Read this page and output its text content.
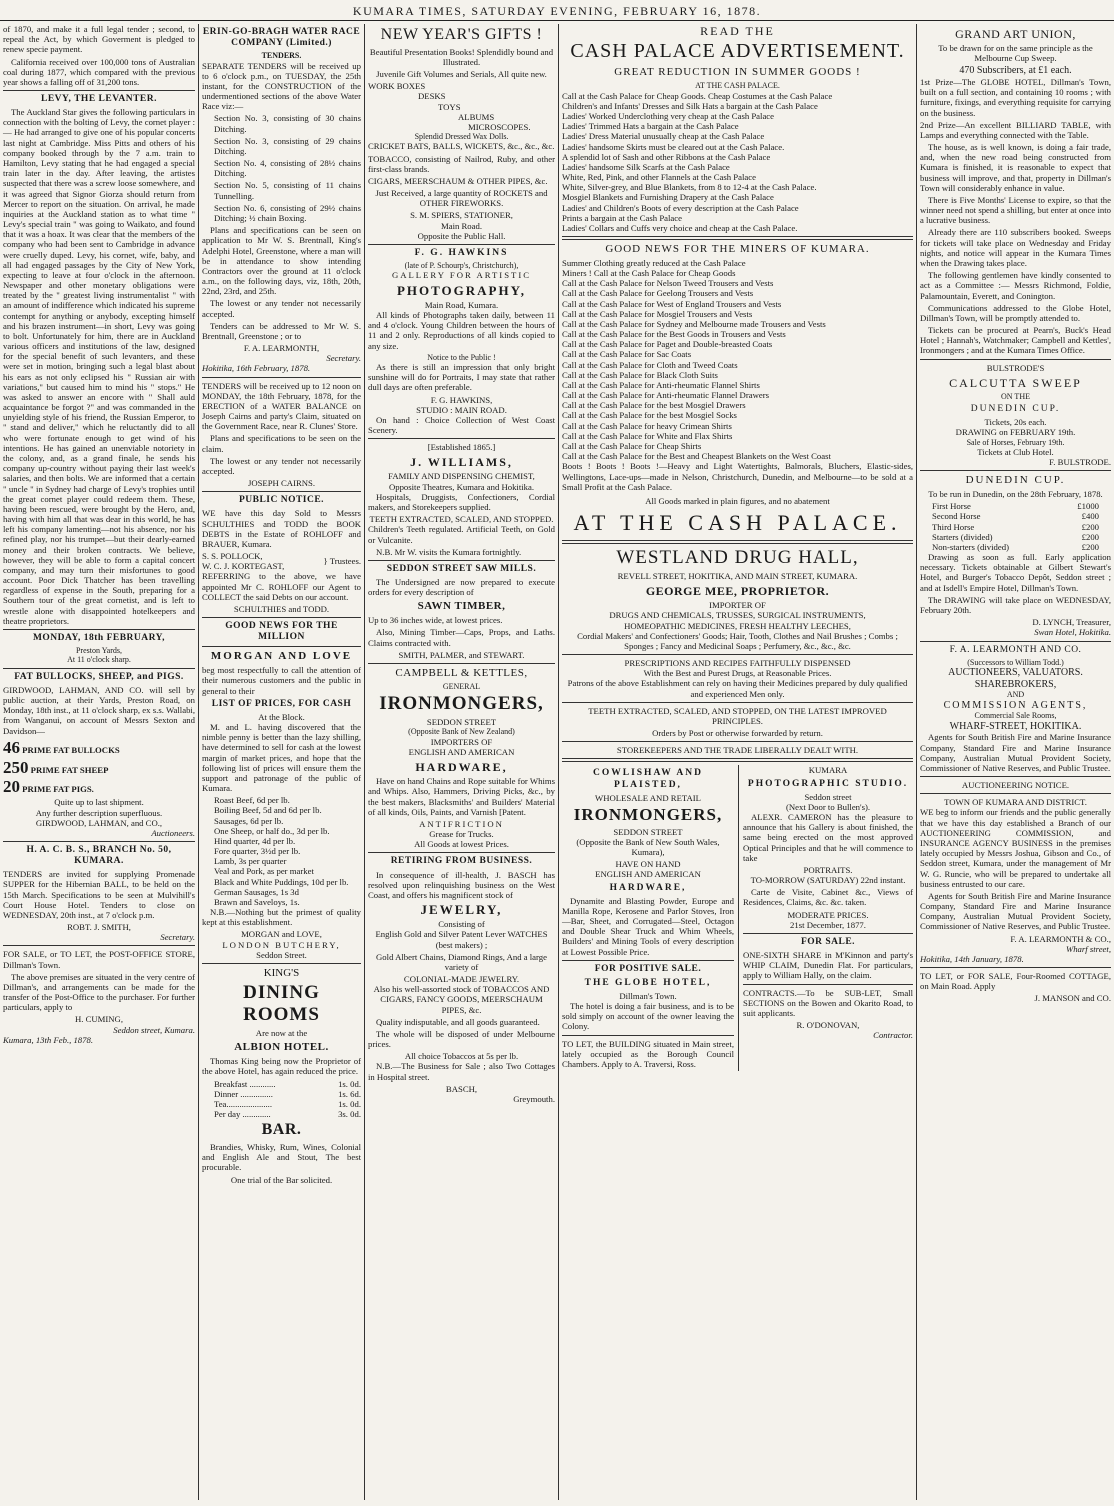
KUMARA TIMES, SATURDAY EVENING, FEBRUARY 16, 1878.

of 1870, and make it a full legal tender ; second, to repeal the Act, by which Goverment is pledged to renew specie payment.

California received over 100,000 tons of Australian coal during 1877, which compared with the previous year shows a falling off of 31,200 tons.

LEVY, THE LEVANTER.

The Auckland Star gives the following particulars in connection with the bolting of Levy, the cornet player :— He had arranged to give one of his popular concerts last night at Cambridge. Miss Pitts and others of his company booked through by the 7 a.m. train to Hamilton, Levy stating that he had engaged a special train later in the day. After leaving, the artistes suspected that there was a screw loose somewhere, and it was agreed that Signor Giorza should return from Mercer to report on the situation. On arrival, he made inquiries at the Auckland station as to what time " Levy's special train " was going to Waikato, and found that it was a hoax. It was clear that the members of the company who had been sent to Cambridge in advance were cruelly duped. Levy, his cornet, wife, baby, and all had engaged passages by the City of New York, expecting to leave at four o'clock in the afternoon. Newspaper and other monetary obligations were treated by the " greatest living instrumentalist " with an amount of indifference which indicated his supreme contempt for anything or anybody, excepting himself and his brazen instrument—in short, Levy was going to bolt. Unfortunately for him, there are in Auckland various officers and institutions of the law, designed for the special benefit of such levanters, and these were set in motion, bringing such a legal blast about his ears as not only eclipsed his " Russian air with variations," but caused him to mind his " stops." He was asked to answer an encore with " Shall auld acquaintance be forgot ?" and was commanded in the unyielding style of his friend, the Russian Emperor, to " stand and deliver," which he reluctantly did to all who were fortunate enough to get wind of his intentions. He has gained an unenviable notoriety in the colony, and, as a grand finale, he sends his company up-country without paying their last week's salaries, and then bolts. We are informed that a certain " uncle " in Sydney had charge of Levy's trophies until the great cornet player could redeem them. These, having been rescued, were brought by the Hero, and, having with him all that was dear in this world, he has left his company lamenting—not his absence, nor his refined play, nor his trumpet—but their dearly-earned money and their broken contracts. We believe, however, they will be able to form a capital concert company, and may turn their misfortunes to good account. Poor Dick Thatcher has been travelling regardless of expense in the South, preparing for a Southern tour of the great cornetist, and is left to wrestle alone with disappointed hotelkeepers and theatre proprietors.

MONDAY, 18th FEBRUARY,
Preston Yards,
At 11 o'clock sharp.
FAT BULLOCKS, SHEEP, and PIGS.

GIRDWOOD, LAHMAN, AND CO. will sell by public auction, at their Yards, Preston Road, on Monday, 18th inst., at 11 o'clock sharp, ex s.s. Wallabi, from Wanganui, on account of Messrs Sexton and Davidson—

46 PRIME FAT BULLOCKS
250 PRIME FAT SHEEP
20 PRIME FAT PIGS.
Quite up to last shipment.
Any further description superfluous.
GIRDWOOD, LAHMAN, and CO.,
Auctioneers.
H. A. C. B. S., BRANCH No. 50, KUMARA.

TENDERS are invited for supplying Promenade SUPPER for the Hibernian BALL, to be held on the 15th March. Specifications to be seen at Mulvihill's Court House Hotel. Tenders to close on WEDNESDAY, 20th inst., at 7 o'clock p.m.

ROBT. J. SMITH,
Secretary.

FOR SALE, or TO LET, the POST-OFFICE STORE, Dillman's Town.

The above premises are situated in the very centre of Dillman's, and arrangements can be made for the transfer of the Post-Office to the purchaser. For further particulars, apply to

H. CUMING,
Seddon street, Kumara.
Kumara, 13th Feb., 1878.
ERIN-GO-BRAGH WATER RACE COMPANY (Limited.)
TENDERS.

SEPARATE TENDERS will be received up to 6 o'clock p.m., on TUESDAY, the 25th instant, for the CONSTRUCTION of the undermentioned sections of the above Water Race viz:—

Section No. 3, consisting of 30 chains Ditching.

Section No. 3, consisting of 29 chains Ditching.

Section No. 4, consisting of 28½ chains Ditching.

Section No. 5, consisting of 11 chains Tunnelling.

Section No. 6, consisting of 29½ chains Ditching; ½ chain Boxing.

Plans and specifications can be seen on application to Mr W. S. Brentnall, King's Adelphi Hotel, Greenstone, where a man will be in attendance to show intending Contractors over the ground at 11 o'clock a.m., on the following days, viz, 18th, 20th, 22nd, 23rd, and 25th.

The lowest or any tender not necessarily accepted.

Tenders can be addressed to Mr W. S. Brentnall, Greenstone ; or to

F. A. LEARMONTH,
Secretary.
Hokitika, 16th February, 1878.

TENDERS will be received up to 12 noon on MONDAY, the 18th February, 1878, for the ERECTION of a WATER BALANCE on Joseph Cairns and party's Claim, situated on the Government Race, near R. Clunes' Store.

Plans and specifications to be seen on the claim.

The lowest or any tender not necessarily accepted.

JOSEPH CAIRNS.
PUBLIC NOTICE.

WE have this day Sold to Messrs SCHULTHIES and TODD the BOOK DEBTS in the Estate of ROHLOFF and BRAUER, Kumara.

S. S. POLLOCK,
W. C. J. KORTEGAST,
} Trustees.

REFERRING to the above, we have appointed Mr C. ROHLOFF our Agent to COLLECT the said Debts on our account.

SCHULTHIES and TODD.
GOOD NEWS FOR THE MILLION
MORGAN AND LOVE

beg most respectfully to call the attention of their numerous customers and the public in general to their

LIST OF PRICES, FOR CASH
At the Block.

M. and L. having discovered that the nimble penny is better than the lazy shilling, have determined to sell for cash at the lowest margin of market prices, and hope that the following list of prices will ensure them the support and patronage of the public of Kumara.

Roast Beef, 6d per lb.
Boiling Beef, 5d and 6d per lb.
Sausages, 6d per lb.
One Sheep, or half do., 3d per lb.
Hind quarter, 4d per lb.
Fore quarter, 3½d per lb.
Lamb, 3s per quarter
Veal and Pork, as per market
Black and White Puddings, 10d per lb.
German Sausages, 1s 3d
Brawn and Saveloys, 1s.

N.B.—Nothing but the primest of quality kept at this establishment.

MORGAN and LOVE,
LONDON BUTCHERY,
Seddon Street.
KING'S
DINING ROOMS
Are now at the
ALBION HOTEL.

Thomas King being now the Proprietor of the above Hotel, has again reduced the price.

Breakfast ............	1s. 0d.
Dinner ...............	1s. 6d.
Tea.....................	1s. 0d.
Per day .............	3s. 0d.
BAR.

Brandies, Whisky, Rum, Wines, Colonial and English Ale and Stout, The best procurable.

One trial of the Bar solicited.
NEW YEAR'S GIFTS !

Beautiful Presentation Books! Splendidly bound and Illustrated.

Juvenile Gift Volumes and Serials, All quite new.

WORK BOXES
DESKS
TOYS
ALBUMS
MICROSCOPES.
Splendid Dressed Wax Dolls.

CRICKET BATS, BALLS, WICKETS, &c., &c., &c.

TOBACCO, consisting of Nailrod, Ruby, and other first-class brands.

CIGARS, MEERSCHAUM & OTHER PIPES, &c.

Just Received, a large quantity of ROCKETS and OTHER FIREWORKS.

S. M. SPIERS, STATIONER,
Main Road.
Opposite the Public Hall.
F. G. HAWKINS
(late of P. Schourp's, Christchurch),
GALLERY FOR ARTISTIC
PHOTOGRAPHY,
Main Road, Kumara.

All kinds of Photographs taken daily, between 11 and 4 o'clock. Young Children between the hours of 11 and 2 only. Reproductions of all kinds copied to any size.

Notice to the Public !

As there is still an impression that only bright sunshine will do for Portraits, I may state that rather dull days are often preferable.

F. G. HAWKINS,
STUDIO : MAIN ROAD.

On hand : Choice Collection of West Coast Scenery.

[Established 1865.]
J. WILLIAMS,
FAMILY AND DISPENSING CHEMIST,
Opposite Theatres, Kumara and Hokitika.

Hospitals, Druggists, Confectioners, Cordial makers, and Storekeepers supplied.

TEETH EXTRACTED, SCALED, AND STOPPED.

Children's Teeth regulated. Artificial Teeth, on Gold or Vulcanite.

N.B. Mr W. visits the Kumara fortnightly.

SEDDON STREET SAW MILLS.

The Undersigned are now prepared to execute orders for every description of

SAWN TIMBER,

Up to 36 inches wide, at lowest prices.

Also, Mining Timber—Caps, Props, and Laths. Claims contracted with.

SMITH, PALMER, and STEWART.
CAMPBELL & KETTLES,
GENERAL
IRONMONGERS,
SEDDON STREET
(Opposite Bank of New Zealand)
IMPORTERS OF
ENGLISH AND AMERICAN
HARDWARE,

Have on hand Chains and Rope suitable for Whims and Whips. Also, Hammers, Driving Picks, &c., by the best makers, Blacksmiths' and Builders' Material of all kinds, Oils, Paints, and Varnish [Patent.

ANTIFRICTION
Grease for Trucks.
All Goods at lowest Prices.
RETIRING FROM BUSINESS.

In consequence of ill-health, J. BASCH has resolved upon relinquishing business on the West Coast, and offers his magnificent stock of

JEWELRY,
Consisting of

English Gold and Silver Patent Lever WATCHES (best makers) ;

Gold Albert Chains, Diamond Rings, And a large variety of

COLONIAL-MADE JEWELRY.

Also his well-assorted stock of TOBACCOS AND CIGARS, FANCY GOODS, MEERSCHAUM PIPES, &c.

Quality indisputable, and all goods guaranteed.

The whole will be disposed of under Melbourne prices.

All choice Tobaccos at 5s per lb.

N.B.—The Business for Sale ; also Two Cottages in Hospital street.

BASCH,
Greymouth.
READ THE
CASH PALACE ADVERTISEMENT.
GREAT REDUCTION IN SUMMER GOODS !
AT THE CASH PALACE.
Call at the Cash Palace for Cheap Goods. Cheap Costumes at the Cash Palace
Children's and Infants' Dresses and Silk Hats a bargain at the Cash Palace
Ladies' Worked Underclothing very cheap at the Cash Palace
Ladies' Trimmed Hats a bargain at the Cash Palace
Ladies' Dress Material unusually cheap at the Cash Palace
Ladies' handsome Skirts must be cleared out at the Cash Palace.
A splendid lot of Sash and other Ribbons at the Cash Palace
Ladies' handsome Silk Scarfs at the Cash Palace
White, Red, Pink, and other Flannels at the Cash Palace
White, Silver-grey, and Blue Blankets, from 8 to 12-4 at the Cash Palace.
Mosgiel Blankets and Furnishing Drapery at the Cash Palace
Ladies' and Children's Boots of every description at the Cash Palace
Prints a bargain at the Cash Palace
Ladies' Collars and Cuffs very choice and cheap at the Cash Palace.
GOOD NEWS FOR THE MINERS OF KUMARA.
Summer Clothing greatly reduced at the Cash Palace
Miners ! Call at the Cash Palace for Cheap Goods
Call at the Cash Palace for Nelson Tweed Trousers and Vests
Call at the Cash Palace for Geelong Trousers and Vests
Call at the Cash Palace for West of England Trousers and Vests
Call at the Cash Palace for Mosgiel Trousers and Vests
Call at the Cash Palace for Sydney and Melbourne made Trousers and Vests
Call at the Cash Palace for the Best Goods in Trousers and Vests
Call at the Cash Palace for Paget and Double-breasted Coats
Call at the Cash Palace for Sac Coats
Call at the Cash Palace for Cloth and Tweed Coats
Call at the Cash Palace for Black Cloth Suits
Call at the Cash Palace for Anti-rheumatic Flannel Shirts
Call at the Cash Palace for Anti-rheumatic Flannel Drawers
Call at the Cash Palace for the best Mosgiel Drawers
Call at the Cash Palace for the best Mosgiel Socks
Call at the Cash Palace for heavy Crimean Shirts
Call at the Cash Palace for White and Flax Shirts
Call at the Cash Palace for Cheap Shirts
Call at the Cash Palace for the Best and Cheapest Blankets on the West Coast

Boots ! Boots ! Boots !—Heavy and Light Watertights, Balmorals, Bluchers, Elastic-sides, Wellingtons, Lace-ups—made in Nelson, Christchurch, Dunedin, and Melbourne—to be sold at a Small Profit at the Cash Palace.

All Goods marked in plain figures, and no abatement
AT THE CASH PALACE.
WESTLAND DRUG HALL,
REVELL STREET, HOKITIKA, AND MAIN STREET, KUMARA.
GEORGE MEE, PROPRIETOR.
IMPORTER OF
DRUGS AND CHEMICALS, TRUSSES, SURGICAL INSTRUMENTS,
HOMEOPATHIC MEDICINES, FRESH HEALTHY LEECHES,

Cordial Makers' and Confectioners' Goods; Hair, Tooth, Clothes and Nail Brushes ; Combs ; Sponges ; Fancy and Medicinal Soaps ; Perfumery, &c., &c., &c.

PRESCRIPTIONS AND RECIPES FAITHFULLY DISPENSED
With the Best and Purest Drugs, at Reasonable Prices.

Patrons of the above Establishment can rely on having their Medicines prepared by duly qualified and experienced Men only.

TEETH EXTRACTED, SCALED, AND STOPPED, ON THE LATEST IMPROVED PRINCIPLES.

Orders by Post or otherwise forwarded by return.
STOREKEEPERS AND THE TRADE LIBERALLY DEALT WITH.
COWLISHAW AND PLAISTED,
WHOLESALE AND RETAIL
IRONMONGERS,
SEDDON STREET

(Opposite the Bank of New South Wales, Kumara),

HAVE ON HAND
ENGLISH AND AMERICAN
HARDWARE,

Dynamite and Blasting Powder, Europe and Manilla Rope, Kerosene and Parlor Stoves, Iron—Bar, Sheet, and Corrugated—Steel, Octagon and Double Shear Truck and Whim Wheels, Builders' and Mining Tools of every description at Lowest Possible Price.

FOR POSITIVE SALE.
THE GLOBE HOTEL,
Dillman's Town.

The hotel is doing a fair business, and is to be sold simply on account of the owner leaving the Colony.

TO LET, the BUILDING situated in Main street, lately occupied as the Borough Council Chambers. Apply to A. Traversi, Ross.

KUMARA
PHOTOGRAPHIC STUDIO.
Seddon street
(Next Door to Bullen's).

ALEXR. CAMERON has the pleasure to announce that his Gallery is about finished, the same being erected on the most approved Optical Principles and that he will commence to take

PORTRAITS.

TO-MORROW (SATURDAY) 22nd instant.

Carte de Visite, Cabinet &c., Views of Residences, Claims, &c. &c. taken.

MODERATE PRICES.
21st December, 1877.
FOR SALE.

ONE-SIXTH SHARE in M'Kinnon and party's WHIP CLAIM, Dunedin Flat. For particulars, apply to William Hally, on the claim.

CONTRACTS.—To be SUB-LET, Small SECTIONS on the Bowen and Okarito Road, to suit applicants.

R. O'DONOVAN,
Contractor.
GRAND ART UNION,

To be drawn for on the same principle as the Melbourne Cup Sweep.

470 Subscribers, at £1 each.

1st Prize—The GLOBE HOTEL, Dillman's Town, built on a full section, and containing 10 rooms ; with furniture, fixings, and everything requisite for carrying on the business.

2nd Prize—An excellent BILLIARD TABLE, with Lamps and everything connected with the Table.

The house, as is well known, is doing a fair trade, and, when the new road being constructed from Kumara is finished, it is reasonable to expect that business will improve, and that, property in Dillman's Town will considerably enhance in value.

There is Five Months' License to expire, so that the winner need not spend a shilling, but enter at once into a lucrative business.

Already there are 110 subscribers booked. Sweeps for tickets will take place on Wednesday and Friday nights, and notice will appear in the Kumara Times when the Drawing takes place.

The following gentlemen have kindly consented to act as a Committee :— Messrs Richmond, Foldie, Palamountain, Everett, and Conington.

Communications addressed to the Globe Hotel, Dillman's Town, will be promptly attended to.

Tickets can be procured at Pearn's, Buck's Head Hotel ; Hannah's, Watchmaker; Campbell and Kettles', Ironmongers ; and at the Kumara Times Office.

BULSTRODE'S
CALCUTTA SWEEP
ON THE
DUNEDIN CUP.
Tickets, 20s each.
DRAWING on FEBRUARY 19th.
Sale of Horses, February 19th.
Tickets at Club Hotel.
F. BULSTRODE.
DUNEDIN CUP.

To be run in Dunedin, on the 28th February, 1878.

First Horse	£1000
Second Horse	£400
Third Horse	£200
Starters (divided)	£200
Non-starters (divided)	£200

Drawing as soon as full. Early application necessary. Tickets obtainable at Gilbert Stewart's Hotel, and Burger's Tobacco Depôt, Seddon street ; and at Isdell's Empire Hotel, Dillman's Town.

The DRAWING will take place on WEDNESDAY, February 20th.

D. LYNCH, Treasurer,
Swan Hotel, Hokitika.
F. A. LEARMONTH AND CO.
(Successors to William Todd.)
AUCTIONEERS, VALUATORS.
SHAREBROKERS,
AND
COMMISSION AGENTS,
Commercial Sale Rooms,
WHARF-STREET, HOKITIKA.

Agents for South British Fire and Marine Insurance Company, Standard Fire and Marine Insurance Company, Australian Mutual Provident Society, Commissioner of Native Reserves, and Public Trustee.

AUCTIONEERING NOTICE.
TOWN OF KUMARA AND DISTRICT.

WE beg to inform our friends and the public generally that we have this day established a Branch of our AUCTIONEERING COMMISSION, and INSURANCE AGENCY BUSINESS in the premises lately occupied by Messrs Joshua, Gibson and Co., of Seddon street, Kumara, under the management of Mr W. G. Runcie, who will be prepared to undertake all business entrusted to our care.

Agents for South British Fire and Marine Insurance Company, Standard Fire and Marine Insurance Company, Australian Mutual Provident Society, Commissioner of Native Reserves, and Public Trustee.

F. A. LEARMONTH & CO.,
Wharf street,
Hokitika, 14th January, 1878.

TO LET, or FOR SALE, Four-Roomed COTTAGE, on Main Road. Apply

J. MANSON and CO.
